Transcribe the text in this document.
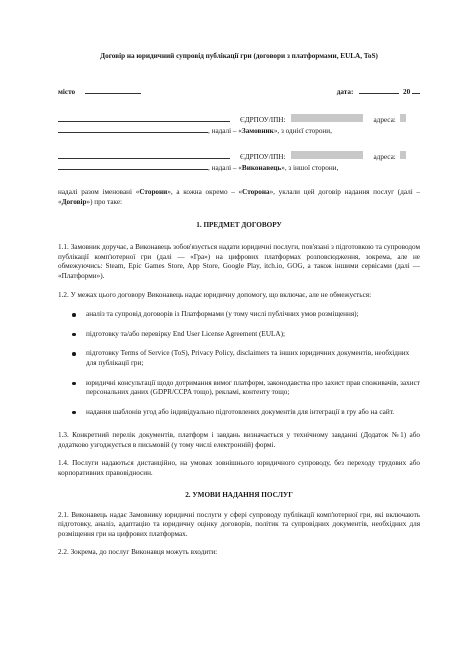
Договір на юридичний супровід публікації гри (договори з платформами, EULA, ToS)

місто	дата:	20
ЄДРПОУ/ІПН:	адреса:
, надалі – « Замовник », з однієї сторони,
ЄДРПОУ/ІПН:	адреса:
, надалі – « Виконавець », з іншої сторони,

надалі разом іменовані «Сторони», а кожна окремо – «Сторона», уклали цей договір надання послуг (далі – «Договір») про таке:

1. ПРЕДМЕТ ДОГОВОРУ

1.1. Замовник доручає, а Виконавець зобов'язується надати юридичні послуги, пов'язані з підготовкою та супроводом публікації комп'ютерної гри (далі — «Гра») на цифрових платформах розповсюдження, зокрема, але не обмежуючись: Steam, Epic Games Store, App Store, Google Play, itch.io, GOG, а також іншими сервісами (далі — «Платформи»).

1.2. У межах цього договору Виконавець надає юридичну допомогу, що включає, але не обмежується:

аналіз та супровід договорів із Платформами (у тому числі публічних умов розміщення);
підготовку та/або перевірку End User License Agreement (EULA);
підготовку Terms of Service (ToS), Privacy Policy, disclaimers та інших юридичних документів, необхідних для публікації гри;
юридичні консультації щодо дотримання вимог платформ, законодавства про захист прав споживачів, захист персональних даних (GDPR/CCPA тощо), рекламі, контенту тощо;
надання шаблонів угод або індивідуально підготовлених документів для інтеграції в гру або на сайт.

1.3. Конкретний перелік документів, платформ і завдань визначається у технічному завданні (Додаток №1) або додатково узгоджується в письмовій (у тому числі електронній) формі.

1.4. Послуги надаються дистанційно, на умовах зовнішнього юридичного супроводу, без переходу трудових або корпоративних правовідносин.

2. УМОВИ НАДАННЯ ПОСЛУГ

2.1. Виконавець надає Замовнику юридичні послуги у сфері супроводу публікації комп'ютерної гри, які включають підготовку, аналіз, адаптацію та юридичну оцінку договорів, політик та супровідних документів, необхідних для розміщення гри на цифрових платформах.

2.2. Зокрема, до послуг Виконавця можуть входити:
